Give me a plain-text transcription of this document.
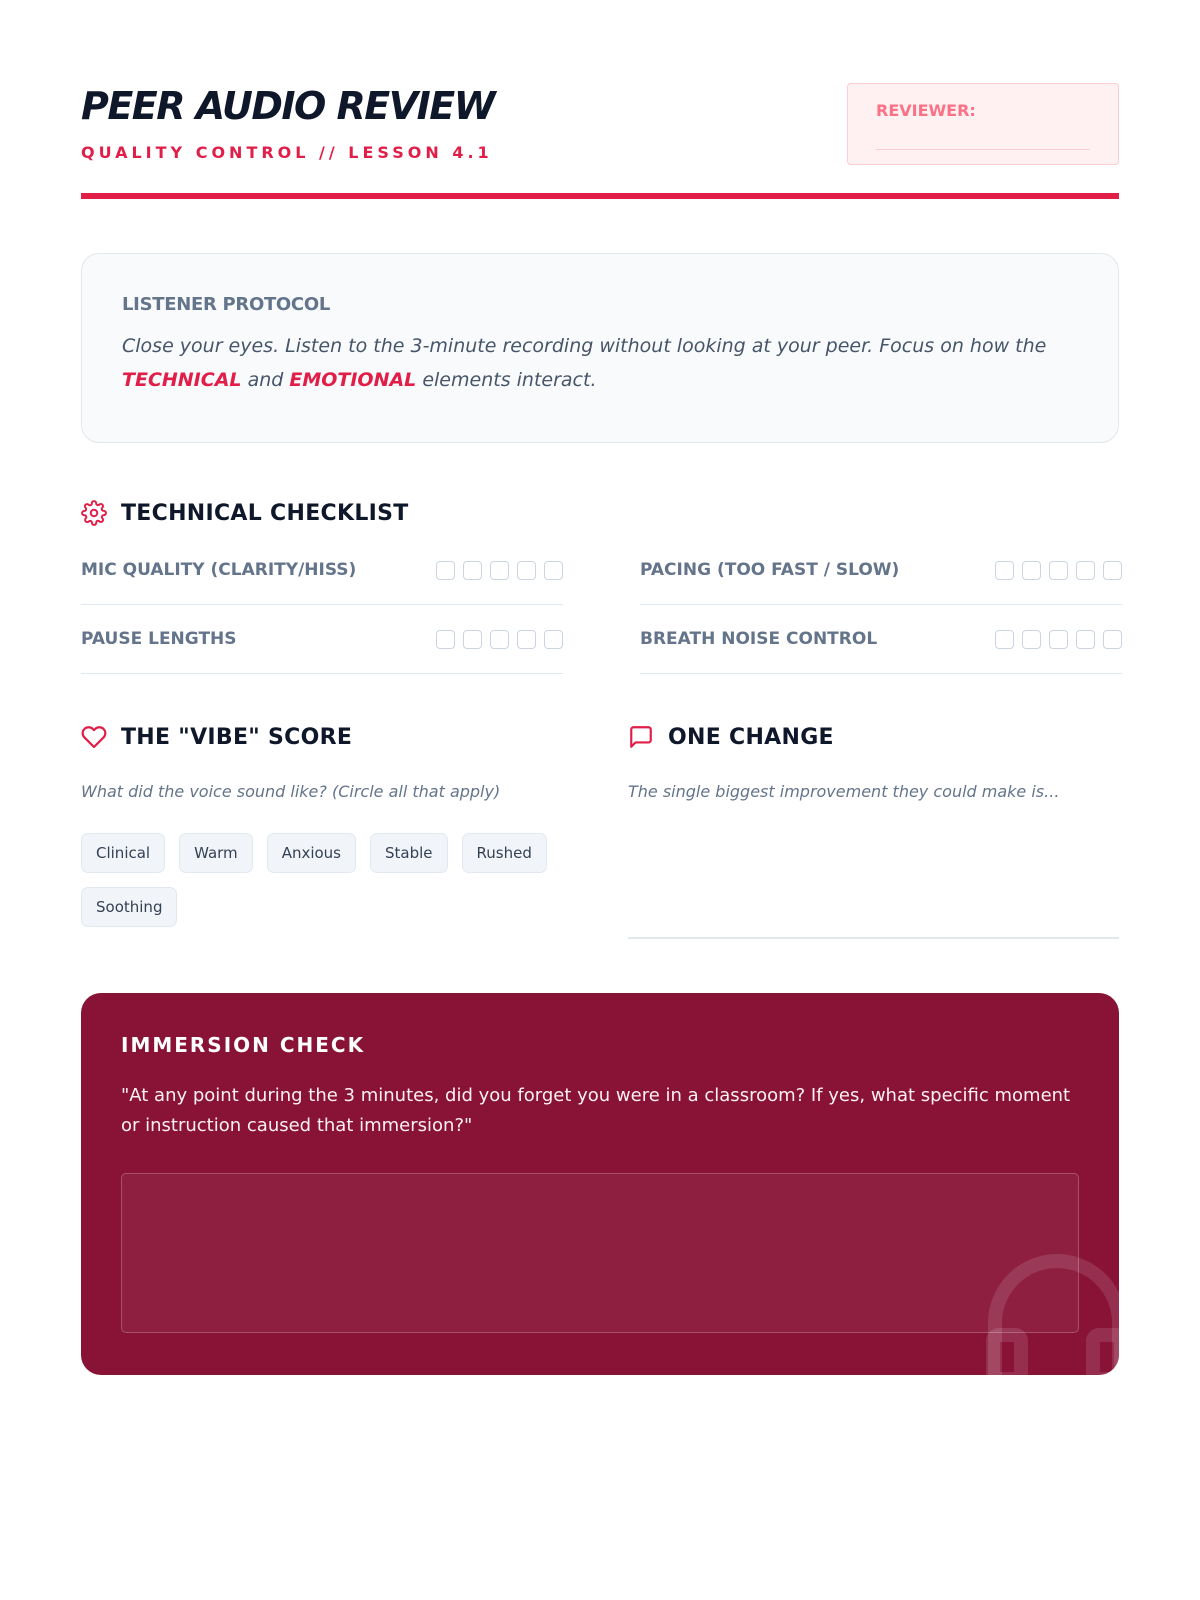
PEER AUDIO REVIEW
QUALITY CONTROL // LESSON 4.1
REVIEWER:
LISTENER PROTOCOL
Close your eyes. Listen to the 3-minute recording without looking at your peer. Focus on how the TECHNICAL and EMOTIONAL elements interact.
TECHNICAL CHECKLIST
MIC QUALITY (CLARITY/HISS)	PACING (TOO FAST / SLOW)
PAUSE LENGTHS	BREATH NOISE CONTROL
THE "VIBE" SCORE
What did the voice sound like? (Circle all that apply)
Clinical	Warm	Anxious	Stable	Rushed
Soothing
ONE CHANGE
The single biggest improvement they could make is...
IMMERSION CHECK
"At any point during the 3 minutes, did you forget you were in a classroom? If yes, what specific moment or instruction caused that immersion?"
